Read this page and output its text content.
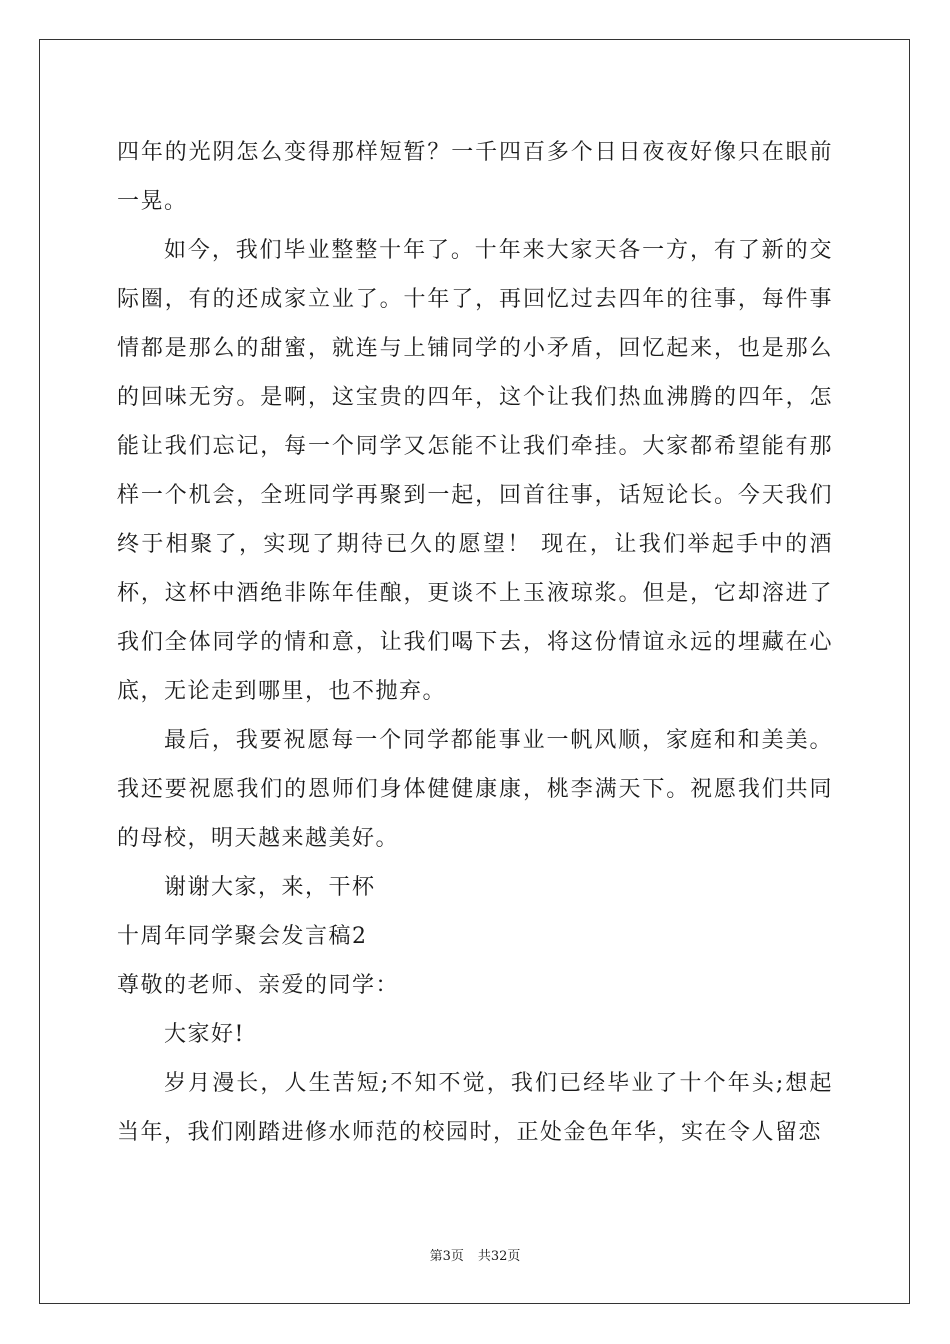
四年的光阴怎么变得那样短暂？一千四百多个日日夜夜好像只在眼前一晃。

如今，我们毕业整整十年了。十年来大家天各一方，有了新的交际圈，有的还成家立业了。十年了，再回忆过去四年的往事，每件事情都是那么的甜蜜，就连与上铺同学的小矛盾，回忆起来，也是那么的回味无穷。是啊，这宝贵的四年，这个让我们热血沸腾的四年，怎能让我们忘记，每一个同学又怎能不让我们牵挂。大家都希望能有那样一个机会，全班同学再聚到一起，回首往事，话短论长。今天我们终于相聚了，实现了期待已久的愿望！ 现在，让我们举起手中的酒杯，这杯中酒绝非陈年佳酿，更谈不上玉液琼浆。但是，它却溶进了我们全体同学的情和意，让我们喝下去，将这份情谊永远的埋藏在心底，无论走到哪里，也不抛弃。

最后，我要祝愿每一个同学都能事业一帆风顺，家庭和和美美。我还要祝愿我们的恩师们身体健健康康，桃李满天下。祝愿我们共同的母校，明天越来越美好。

谢谢大家，来，干杯

十周年同学聚会发言稿2

尊敬的老师、亲爱的同学：

大家好!

岁月漫长，人生苦短;不知不觉，我们已经毕业了十个年头;想起当年，我们刚踏进修水师范的校园时，正处金色年华，实在令人留恋

第3页 共32页
